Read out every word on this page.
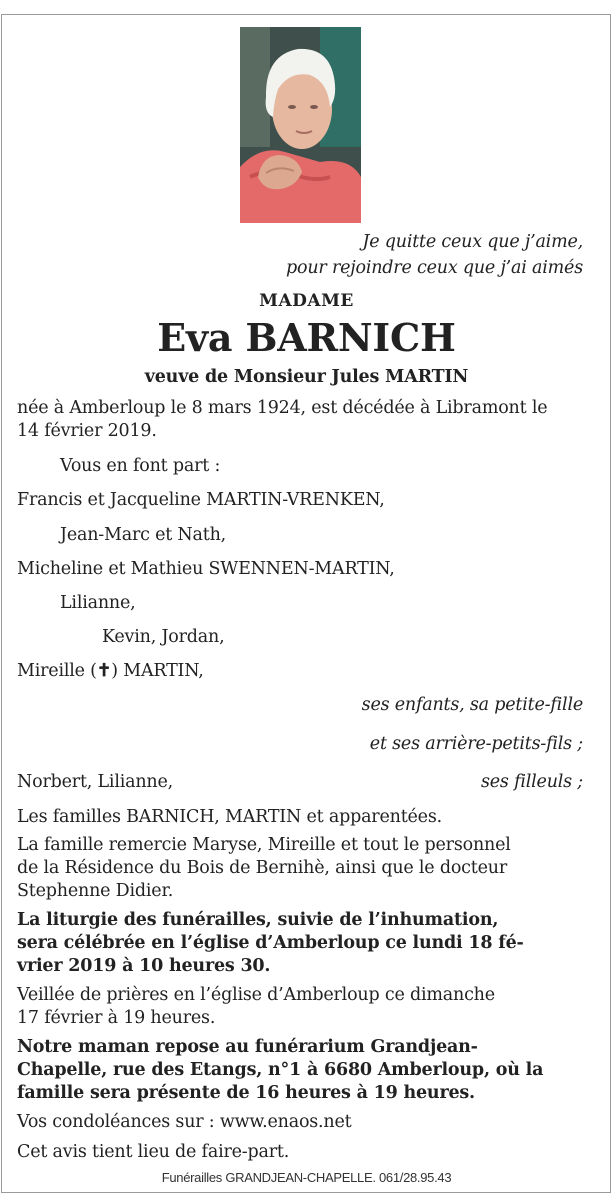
Je quitte ceux que j’aime,
pour rejoindre ceux que j’ai aimés
MADAME
Eva BARNICH
veuve de Monsieur Jules MARTIN
née à Amberloup le 8 mars 1924, est décédée à Libramont le
14 février 2019.
Vous en font part :
Francis et Jacqueline MARTIN-VRENKEN,
Jean-Marc et Nath,
Micheline et Mathieu SWENNEN-MARTIN,
Lilianne,
Kevin, Jordan,
Mireille (✝) MARTIN,
ses enfants, sa petite-fille
et ses arrière-petits-fils ;
Norbert, Lilianne,	ses filleuls ;
Les familles BARNICH, MARTIN et apparentées.
La famille remercie Maryse, Mireille et tout le personnel
de la Résidence du Bois de Bernihè, ainsi que le docteur
Stephenne Didier.
La liturgie des funérailles, suivie de l’inhumation,
sera célébrée en l’église d’Amberloup ce lundi 18 fé-
vrier 2019 à 10 heures 30.
Veillée de prières en l’église d’Amberloup ce dimanche
17 février à 19 heures.
Notre maman repose au funérarium Grandjean-
Chapelle, rue des Etangs, n°1 à 6680 Amberloup, où la
famille sera présente de 16 heures à 19 heures.
Vos condoléances sur : www.enaos.net
Cet avis tient lieu de faire-part.
Funérailles GRANDJEAN-CHAPELLE. 061/28.95.43
